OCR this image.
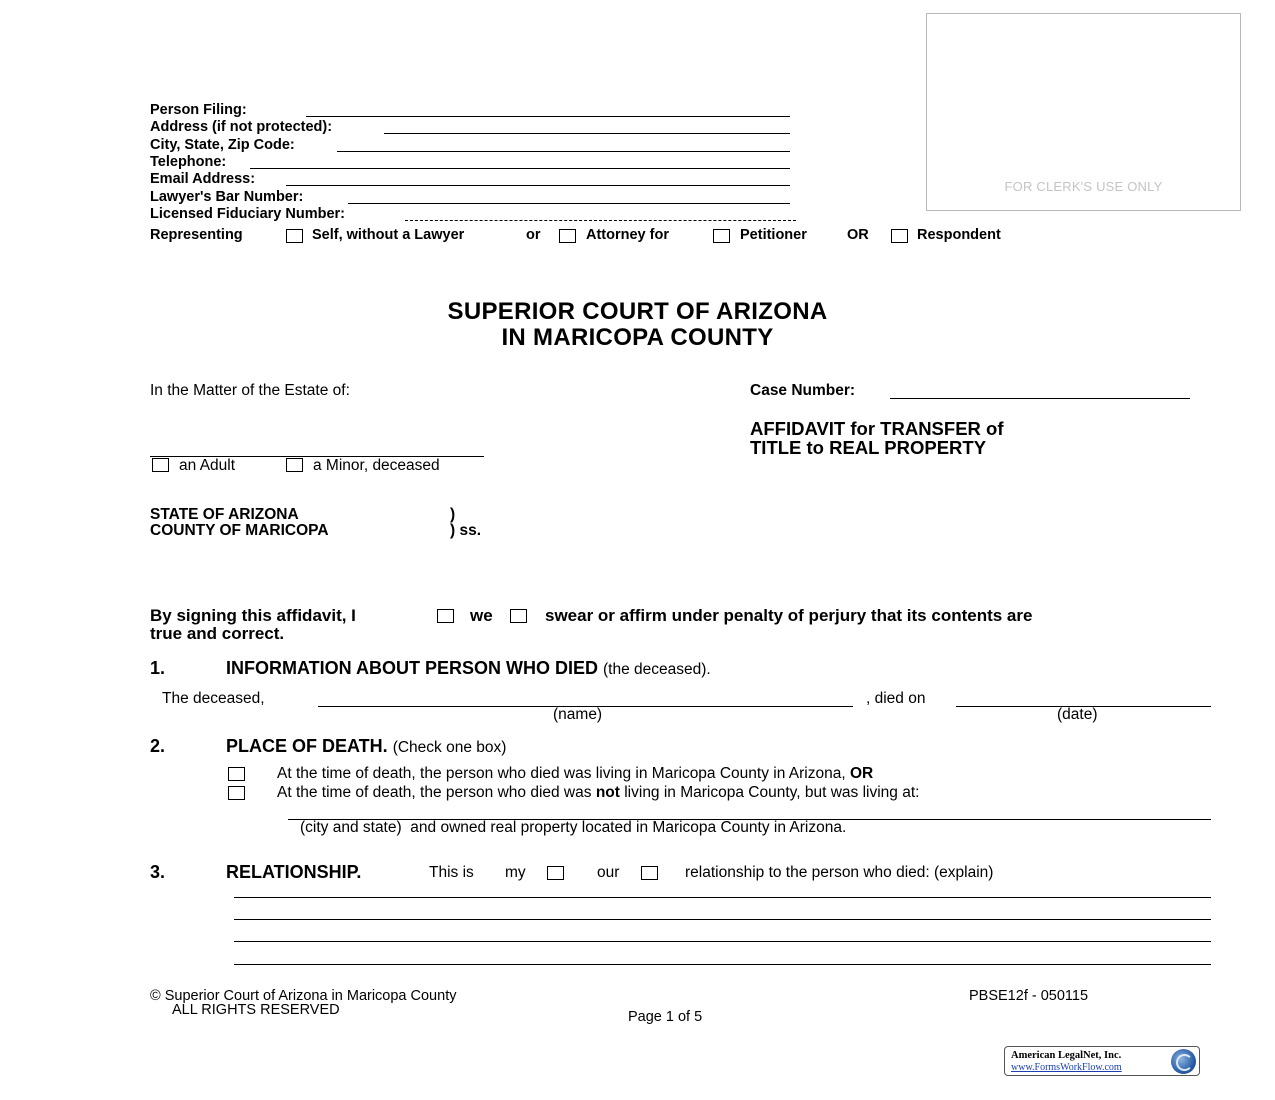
FOR CLERK'S USE ONLY
Person Filing:
Address (if not protected):
City, State, Zip Code:
Telephone:
Email Address:
Lawyer's Bar Number:
Licensed Fiduciary Number:
Representing	Self, without a Lawyer	or	Attorney for	Petitioner	OR	Respondent
SUPERIOR COURT OF ARIZONA
IN MARICOPA COUNTY
In the Matter of the Estate of:
an Adult	a Minor, deceased
Case Number:
AFFIDAVIT for TRANSFER of
TITLE to REAL PROPERTY
STATE OF ARIZONA	)
COUNTY OF MARICOPA	) ss.
By signing this affidavit, I	we	swear or affirm under penalty of perjury that its contents are
true and correct.
1.	INFORMATION ABOUT PERSON WHO DIED (the deceased).
The deceased,	, died on
(name)	(date)
2.	PLACE OF DEATH. (Check one box)
At the time of death, the person who died was living in Maricopa County in Arizona, OR
At the time of death, the person who died was not living in Maricopa County, but was living at:
(city and state) and owned real property located in Maricopa County in Arizona.
3.	RELATIONSHIP.	This is my	our	relationship to the person who died: (explain)
© Superior Court of Arizona in Maricopa County
ALL RIGHTS RESERVED
PBSE12f - 050115
Page 1 of 5
American LegalNet, Inc.
www.FormsWorkFlow.com
